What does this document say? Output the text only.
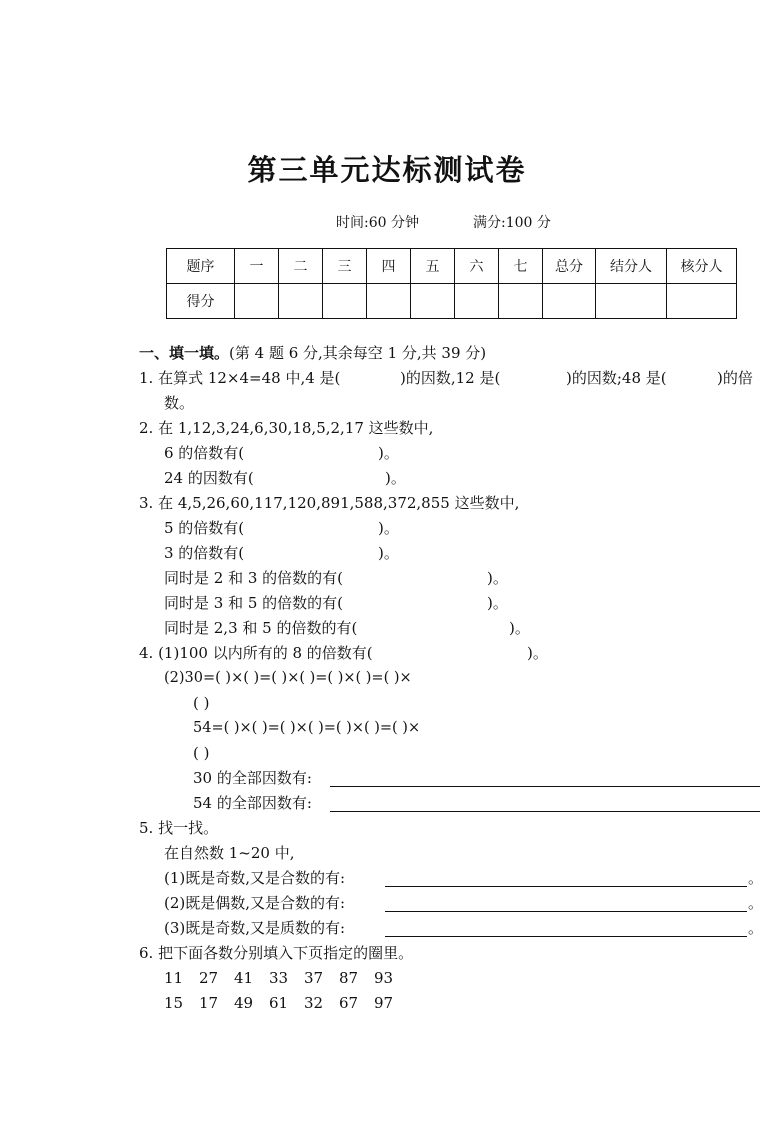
第三单元达标测试卷
时间:60 分钟	满分:100 分
题序	一	二	三	四	五	六	七	总分	结分人	核分人
得分										
一、填一填。(第 4 题 6 分,其余每空 1 分,共 39 分)
1. 在算式 12×4=48 中,4 是(	)的因数,12 是(	)的因数;48 是(	)的倍
数。
2. 在 1,12,3,24,6,30,18,5,2,17 这些数中,
6 的倍数有(	)。
24 的因数有(	)。
3. 在 4,5,26,60,117,120,891,588,372,855 这些数中,
5 的倍数有(	)。
3 的倍数有(	)。
同时是 2 和 3 的倍数的有(	)。
同时是 3 和 5 的倍数的有(	)。
同时是 2,3 和 5 的倍数的有(	)。
4. (1)100 以内所有的 8 的倍数有(	)。
(2)30=( )×( )=( )×( )=( )×( )=( )×
( )
54=( )×( )=( )×( )=( )×( )=( )×
( )
30 的全部因数有:
54 的全部因数有:
5. 找一找。
在自然数 1~20 中,
(1)既是奇数,又是合数的有:	。
(2)既是偶数,又是合数的有:	。
(3)既是奇数,又是质数的有:	。
6. 把下面各数分别填入下页指定的圈里。
11 27 41 33 37 87 93
15 17 49 61 32 67 97
